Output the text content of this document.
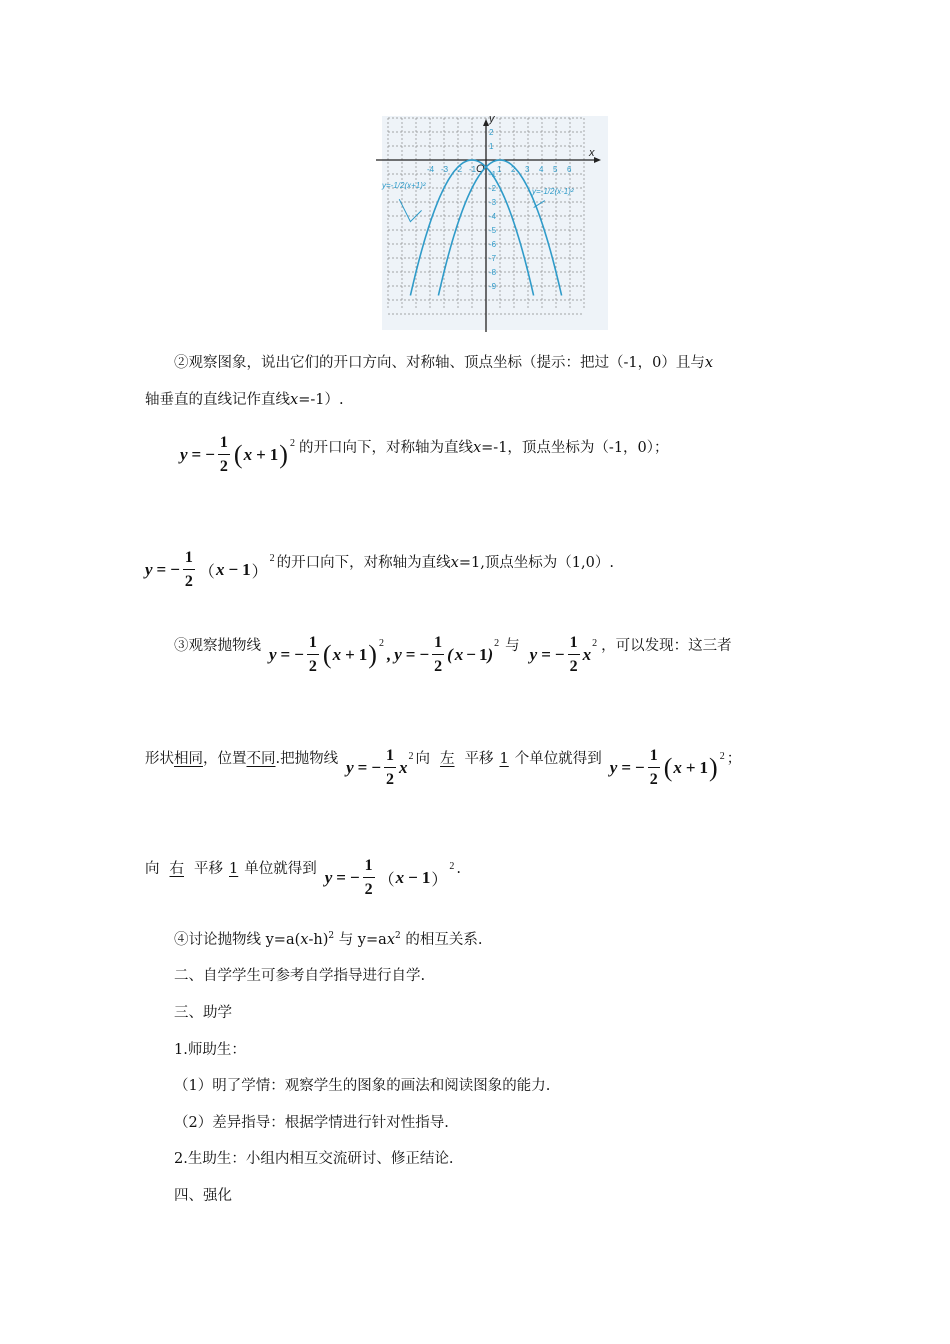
x
y
O
-4 -3 -2 -1	1 2 3 4 5 6
2
1
-1
-2
-3
-4
-5
-6
-7
-8
-9
y=-1/2(x+1)²
y=-1/2(x-1)²
②观察图象，说出它们的开口方向、对称轴、顶点坐标（提示：把过（-1，0）且与x
轴垂直的直线记作直线x=-1）.
y = − $\frac{1}{2}$ ( x + 1 ) 2 的开口向下，对称轴为直线x=-1，顶点坐标为（-1，0）；
y = − $\frac{1}{2}$ （ x − 1 ）
2 的开口向下，对称轴为直线x=1,顶点坐标为（1,0）.
③观察抛物线 y = − $\frac{1}{2}$ ( x + 1 ) 2
, y = − $\frac{1}{2}$ ( x − 1 )
2 与 y = − $\frac{1}{2}$ x
2 ，可以发现：这三者
形状相同，位置不同.把抛物线 y = − $\frac{1}{2}$ x
2 向 左 平移 1 个单位就得到 y = − $\frac{1}{2}$ ( x + 1 ) 2 ；
向 右 平移 1 单位就得到 y = − $\frac{1}{2}$ （ x − 1 ）
2 .
④讨论抛物线 $y=a(x-h)^2$ 与 $y=ax^2$ 的相互关系.
二、自学学生可参考自学指导进行自学.
三、助学
1.师助生：
（1）明了学情：观察学生的图象的画法和阅读图象的能力.
（2）差异指导：根据学情进行针对性指导.
2.生助生：小组内相互交流研讨、修正结论.
四、强化
